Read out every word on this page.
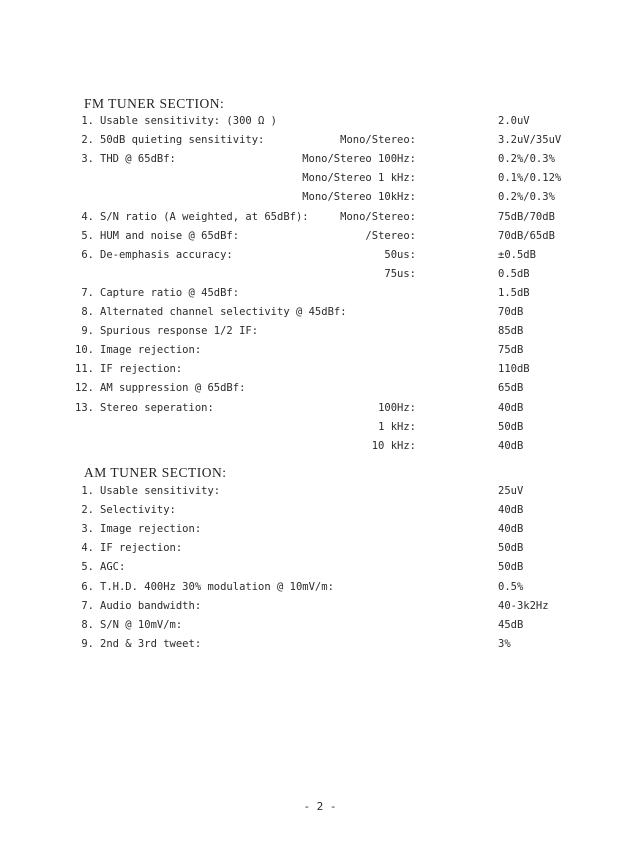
FM TUNER SECTION:
1. Usable sensitivity: (300 Ω )	2.0uV
2. 50dB quieting sensitivity:	Mono/Stereo:	3.2uV/35uV
3. THD @ 65dBf:	Mono/Stereo 100Hz:	0.2%/0.3%
Mono/Stereo 1 kHz:	0.1%/0.12%
Mono/Stereo 10kHz:	0.2%/0.3%
4. S/N ratio (A weighted, at 65dBf):	Mono/Stereo:	75dB/70dB
5. HUM and noise @ 65dBf:	/Stereo:	70dB/65dB
6. De-emphasis accuracy:	50us:	±0.5dB
75us:	0.5dB
7. Capture ratio @ 45dBf:	1.5dB
8. Alternated channel selectivity @ 45dBf:	70dB
9. Spurious response 1/2 IF:	85dB
10. Image rejection:	75dB
11. IF rejection:	110dB
12. AM suppression @ 65dBf:	65dB
13. Stereo seperation:	100Hz:	40dB
1 kHz:	50dB
10 kHz:	40dB
AM TUNER SECTION:
1. Usable sensitivity:	25uV
2. Selectivity:	40dB
3. Image rejection:	40dB
4. IF rejection:	50dB
5. AGC:	50dB
6. T.H.D. 400Hz 30% modulation @ 10mV/m:	0.5%
7. Audio bandwidth:	40-3k2Hz
8. S/N @ 10mV/m:	45dB
9. 2nd & 3rd tweet:	3%
- 2 -
